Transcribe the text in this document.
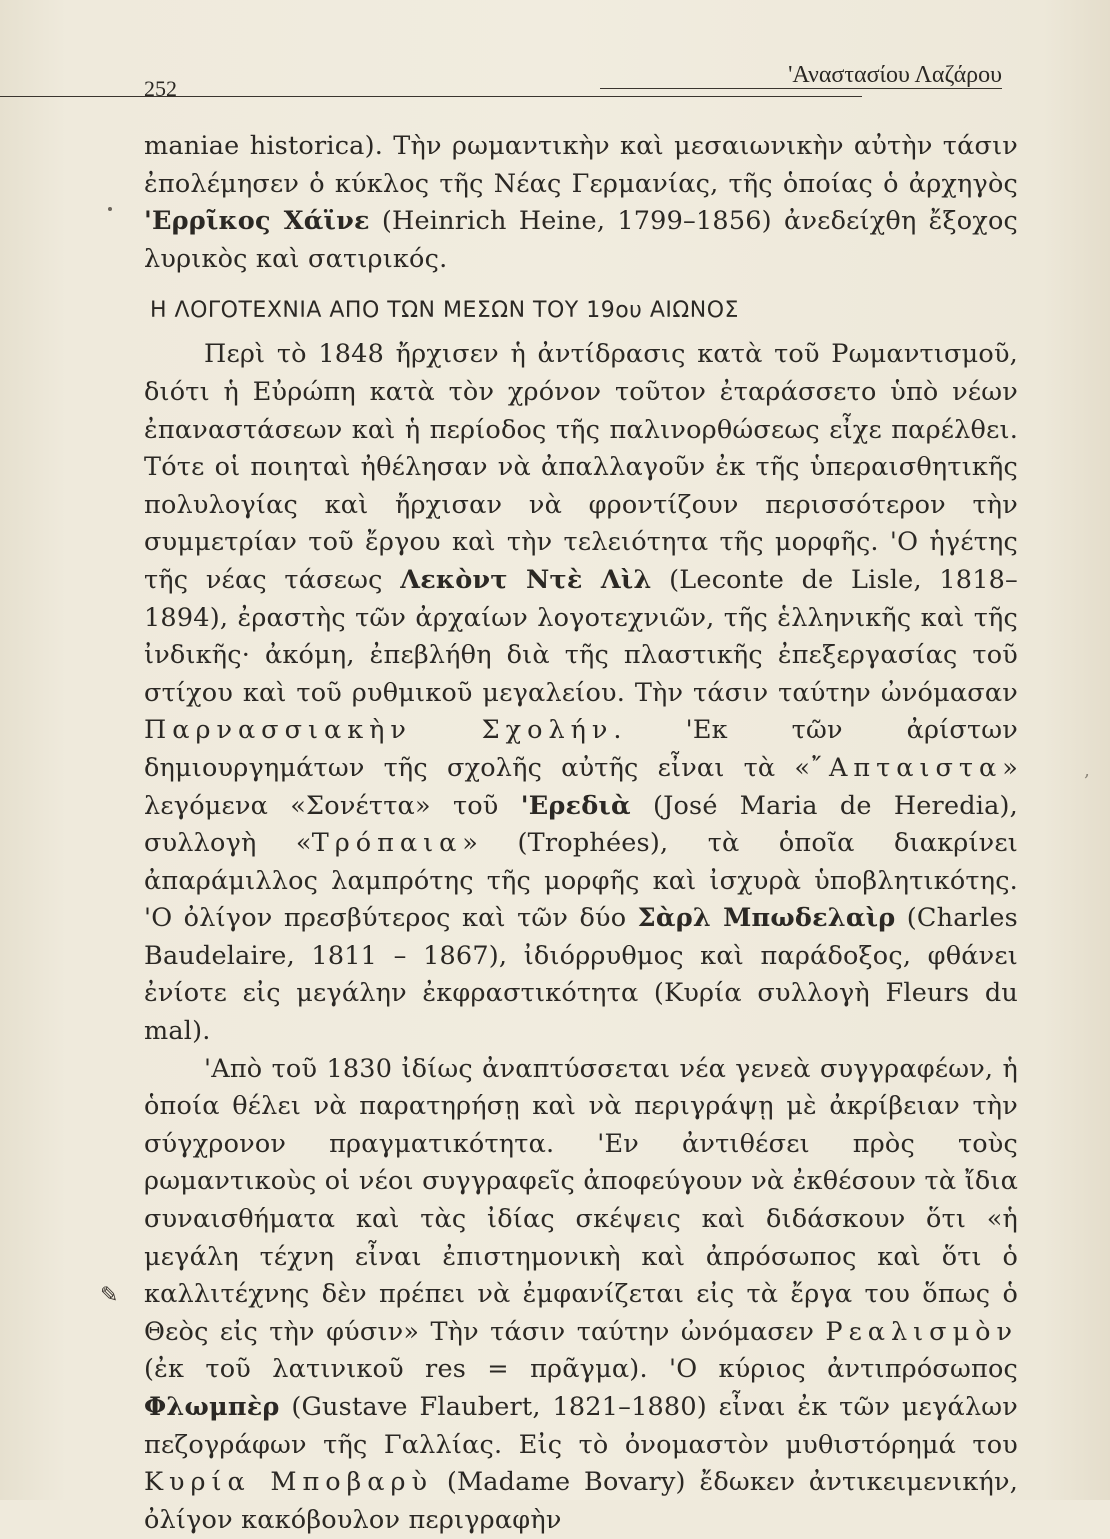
252
'Αναστασίου Λαζάρου
‚

maniae historica). Τὴν ρωμαντικὴν καὶ μεσαιωνικὴν αὐτὴν τάσιν ἐπολέμησεν ὁ κύκλος τῆς Νέας Γερμανίας, τῆς ὁποίας ὁ ἀρχηγὸς 'Ερρῖκος Χάϊνε (Heinrich Heine, 1799–1856) ἀνεδείχθη ἔξοχος λυρικὸς καὶ σατιρικός.

Η ΛΟΓΟΤΕΧΝΙΑ ΑΠΟ ΤΩΝ ΜΕΣΩΝ ΤΟΥ 19ου ΑΙΩΝΟΣ

Περὶ τὸ 1848 ἤρχισεν ἡ ἀντίδρασις κατὰ τοῦ Ρωμαντισμοῦ, διότι ἡ Εὐρώπη κατὰ τὸν χρόνον τοῦτον ἐταράσσετο ὑπὸ νέων ἐπαναστάσεων καὶ ἡ περίοδος τῆς παλινορθώσεως εἶχε παρέλθει. Τότε οἱ ποιηταὶ ἠθέλησαν νὰ ἀπαλλαγοῦν ἐκ τῆς ὑπεραισθητικῆς πολυλογίας καὶ ἤρχισαν νὰ φροντίζουν περισσότερον τὴν συμμετρίαν τοῦ ἔργου καὶ τὴν τελειότητα τῆς μορφῆς. 'Ο ἡγέτης τῆς νέας τάσεως Λεκὸντ Ντὲ Λὶλ (Leconte de Lisle, 1818–1894), ἐραστὴς τῶν ἀρχαίων λογοτεχνιῶν, τῆς ἑλληνικῆς καὶ τῆς ἰνδικῆς· ἀκόμη, ἐπεβλήθη διὰ τῆς πλαστικῆς ἐπεξεργασίας τοῦ στίχου καὶ τοῦ ρυθμικοῦ μεγαλείου. Τὴν τάσιν ταύτην ὠνόμασαν Παρνασσιακὴν Σχολήν. 'Εκ τῶν ἀρίστων δημιουργημάτων τῆς σχολῆς αὐτῆς εἶναι τὰ «῎Απταιστα» λεγόμενα «Σονέττα» τοῦ 'Ερεδιὰ (José Maria de Heredia), συλλογὴ «Τρόπαια» (Trophées), τὰ ὁποῖα διακρίνει ἀπαράμιλλος λαμπρότης τῆς μορφῆς καὶ ἰσχυρὰ ὑποβλητικότης. 'Ο ὀλίγον πρεσβύτερος καὶ τῶν δύο Σὰρλ Μπωδελαὶρ (Charles Baudelaire, 1811 – 1867), ἰδιόρρυθμος καὶ παράδοξος, φθάνει ἐνίοτε εἰς μεγάλην ἐκφραστικότητα (Κυρία συλλογὴ Fleurs du mal).

'Απὸ τοῦ 1830 ἰδίως ἀναπτύσσεται νέα γενεὰ συγγραφέων, ἡ ὁποία θέλει νὰ παρατηρήσῃ καὶ νὰ περιγράψῃ μὲ ἀκρίβειαν τὴν σύγχρονον πραγματικότητα. 'Εν ἀντιθέσει πρὸς τοὺς ρωμαντικοὺς οἱ νέοι συγγραφεῖς ἀποφεύγουν νὰ ἐκθέσουν τὰ ἴδια συναισθήματα καὶ τὰς ἰδίας σκέψεις καὶ διδάσκουν ὅτι «ἡ μεγάλη τέχνη εἶναι ἐπιστημονικὴ καὶ ἀπρόσωπος καὶ ὅτι ὁ καλλιτέχνης δὲν πρέπει νὰ ἐμφανίζεται εἰς τὰ ἔργα του ὅπως ὁ Θεὸς εἰς τὴν φύσιν» Τὴν τάσιν ταύτην ὠνόμασεν Ρεαλισμὸν (ἐκ τοῦ λατινικοῦ res = πρᾶγμα). 'Ο κύριος ἀντιπρόσωπος Φλωμπὲρ (Gustave Flaubert, 1821–1880) εἶναι ἐκ τῶν μεγάλων πεζογράφων τῆς Γαλλίας. Εἰς τὸ ὀνομαστὸν μυθιστόρημά του Κυρία Μποβαρὺ (Madame Bovary) ἔδωκεν ἀντικειμενικήν, ὀλίγον κακόβουλον περιγραφὴν

✎
